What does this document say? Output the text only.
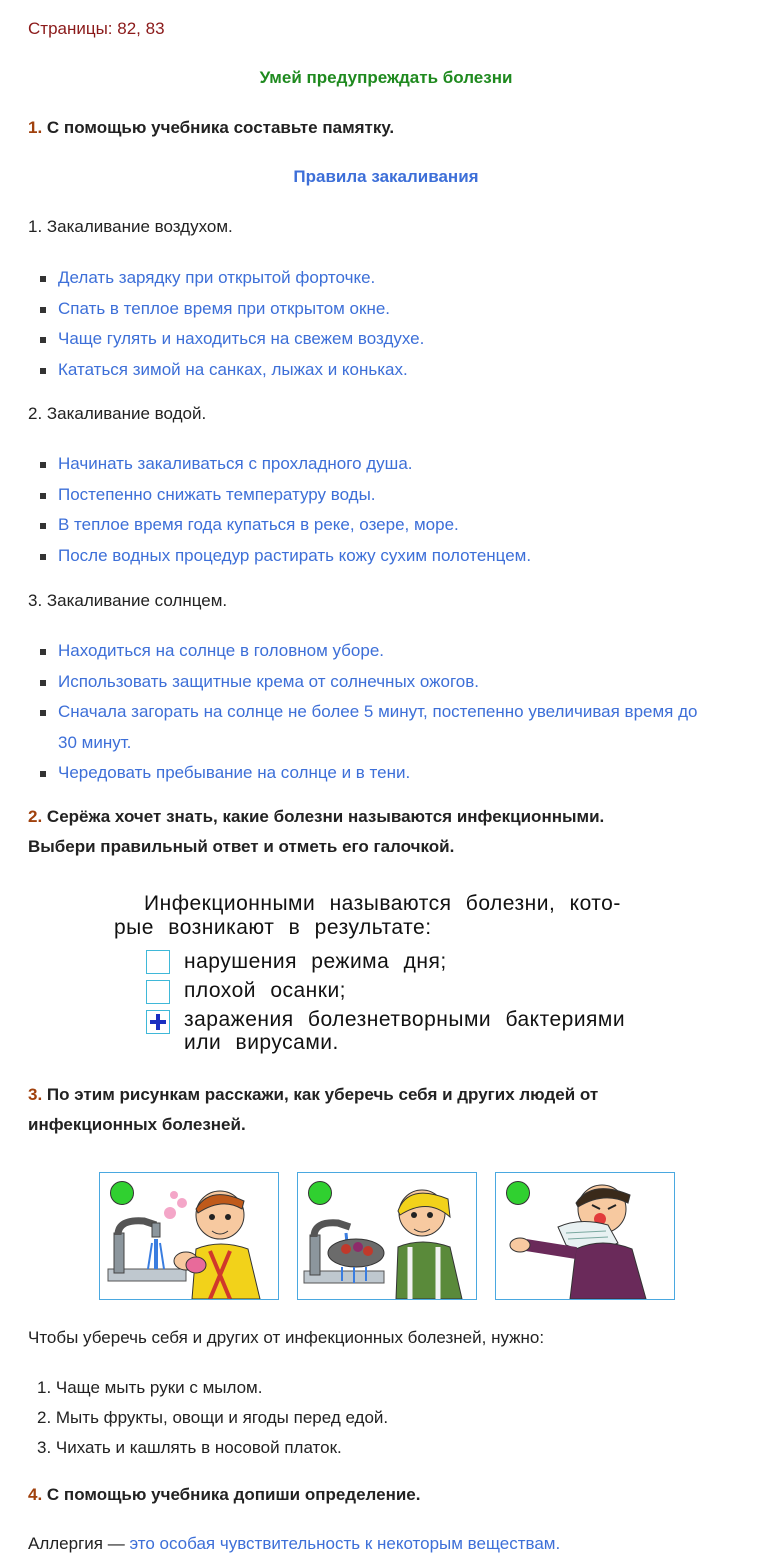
Страницы: 82, 83
Умей предупреждать болезни
1. С помощью учебника составьте памятку.
Правила закаливания
1. Закаливание воздухом.
Делать зарядку при открытой форточке.
Спать в теплое время при открытом окне.
Чаще гулять и находиться на свежем воздухе.
Кататься зимой на санках, лыжах и коньках.
2. Закаливание водой.
Начинать закаливаться с прохладного душа.
Постепенно снижать температуру воды.
В теплое время года купаться в реке, озере, море.
После водных процедур растирать кожу сухим полотенцем.
3. Закаливание солнцем.
Находиться на солнце в головном уборе.
Использовать защитные крема от солнечных ожогов.
Сначала загорать на солнце не более 5 минут, постепенно увеличивая время до 30 минут.
Чередовать пребывание на солнце и в тени.
2. Серёжа хочет знать, какие болезни называются инфекционными.
Выбери правильный ответ и отметь его галочкой.
Инфекционными называются болезни, кото-
рые возникают в результате:
нарушения режима дня;
плохой осанки;
заражения болезнетворными бактериями
или вирусами.
3. По этим рисункам расскажи, как уберечь себя и других людей от
инфекционных болезней.
Чтобы уберечь себя и других от инфекционных болезней, нужно:
1. Чаще мыть руки с мылом.
2. Мыть фрукты, овощи и ягоды перед едой.
3. Чихать и кашлять в носовой платок.
4. С помощью учебника допиши определение.
Аллергия — это особая чувствительность к некоторым веществам.
